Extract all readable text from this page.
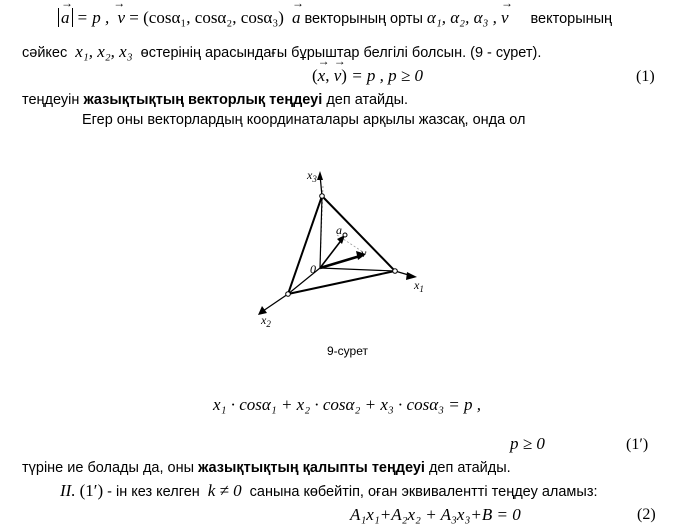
→ a = p , →  ν = (cosα₁, cosα₂, cosα₃) → a векторының орты α₁, α₂, α₃ , → ν векторының
сәйкес x₁, x₂, x₃ өстерінің арасындағы бұрыштар белгілі болсын. (9 - сурет).
(→ x, → ν) = p , p ≥ 0	(1)
теңдеуін жазықтықтың векторлық теңдеуі деп атайды.
Егер оны векторлардың координаталары арқылы жазсақ, онда ол
$x_3$
$x_1$
$x_2$
0
a
ν
9-сурет
x₁ · cosα₁ + x₂ · cosα₂ + x₃ · cosα₃ = p ,
p ≥ 0	(1′)
түріне ие болады да, оны жазықтықтың қалыпты теңдеуі деп атайды.
II. (1′) - ін кез келген k ≠ 0 санына көбейтіп, оған эквивалентті теңдеу аламыз:
A₁x₁+A₂x₂ + A₃x₃+B = 0	(2)
